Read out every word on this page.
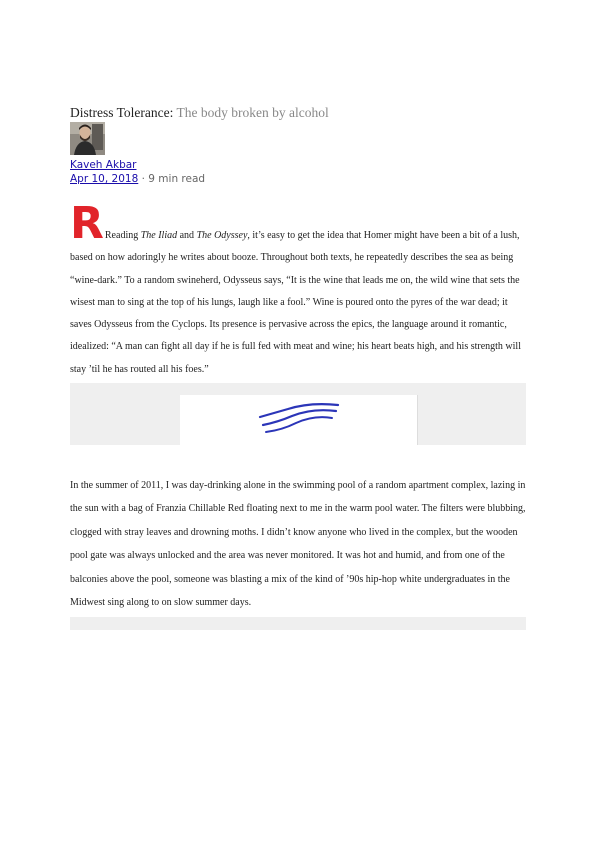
Distress Tolerance: The body broken by alcohol
Kaveh Akbar
Apr 10, 2018 · 9 min read

RReading The Iliad and The Odyssey, it’s easy to get the idea that Homer might have been a bit of a lush, based on how adoringly he writes about booze. Throughout both texts, he repeatedly describes the sea as being “wine-dark.” To a random swineherd, Odysseus says, “It is the wine that leads me on, the wild wine that sets the wisest man to sing at the top of his lungs, laugh like a fool.” Wine is poured onto the pyres of the war dead; it saves Odysseus from the Cyclops. Its presence is pervasive across the epics, the language around it romantic, idealized: “A man can fight all day if he is full fed with meat and wine; his heart beats high, and his strength will stay ’til he has routed all his foes.”

In the summer of 2011, I was day-drinking alone in the swimming pool of a random apartment complex, lazing in the sun with a bag of Franzia Chillable Red floating next to me in the warm pool water. The filters were blubbing, clogged with stray leaves and drowning moths. I didn’t know anyone who lived in the complex, but the wooden pool gate was always unlocked and the area was never monitored. It was hot and humid, and from one of the balconies above the pool, someone was blasting a mix of the kind of ’90s hip-hop white undergraduates in the Midwest sing along to on slow summer days.
